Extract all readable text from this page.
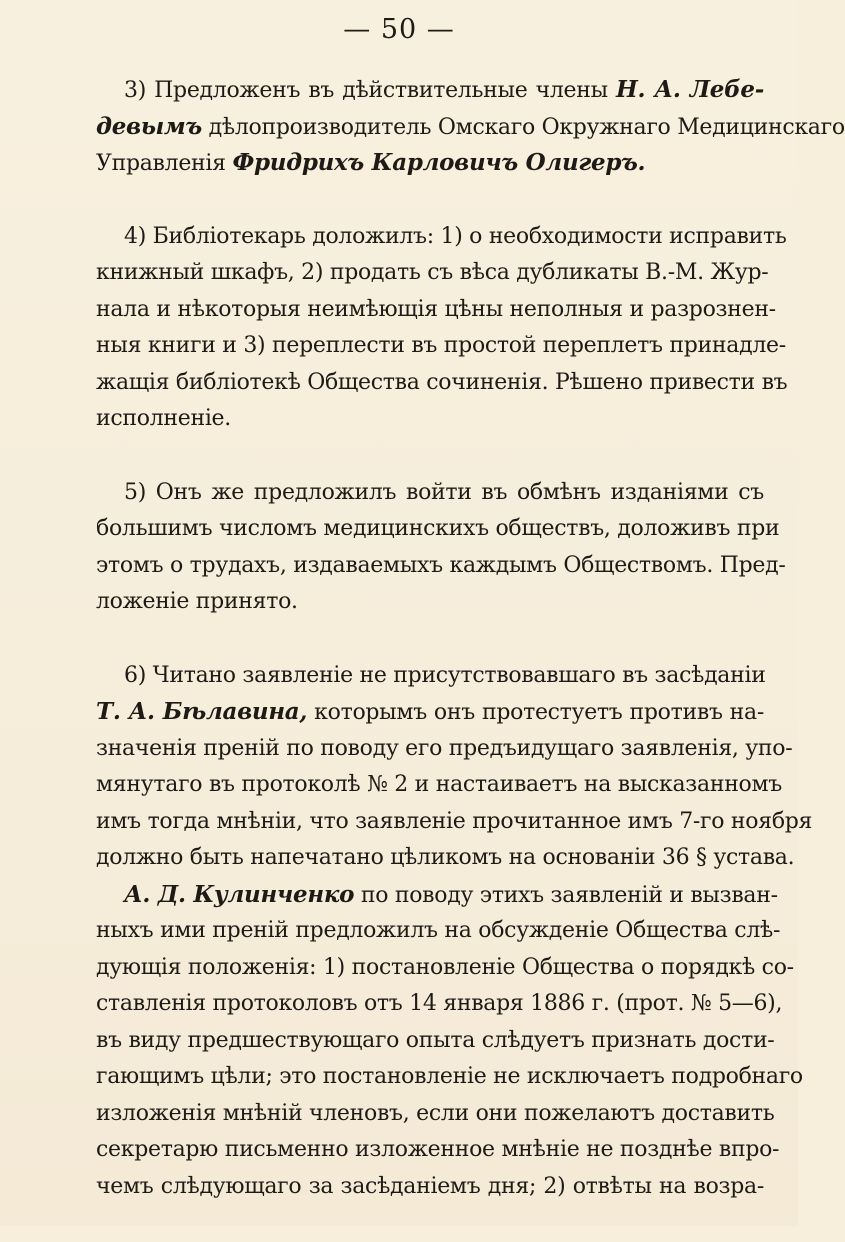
— 50 —
3) Предложенъ въ дѣйствительные члены Н. А. Лебе-
девымъ дѣлопроизводитель Омскаго Окружнаго Медицинскаго
Управленія Фридрихъ Карловичъ Олигеръ.
4) Библіотекарь доложилъ: 1) о необходимости исправить
книжный шкафъ, 2) продать съ вѣса дубликаты В.-М. Жур-
нала и нѣкоторыя неимѣющія цѣны неполныя и разрознен-
ныя книги и 3) переплести въ простой переплетъ принадле-
жащія библіотекѣ Общества сочиненія. Рѣшено привести въ
исполненіе.
5) Онъ же предложилъ войти въ обмѣнъ изданіями съ
большимъ числомъ медицинскихъ обществъ, доложивъ при
этомъ о трудахъ, издаваемыхъ каждымъ Обществомъ. Пред-
ложеніе принято.
6) Читано заявленіе не присутствовавшаго въ засѣданіи
Т. А. Бѣлавина, которымъ онъ протестуетъ противъ на-
значенія преній по поводу его предъидущаго заявленія, упо-
мянутаго въ протоколѣ № 2 и настаиваетъ на высказанномъ
имъ тогда мнѣніи, что заявленіе прочитанное имъ 7-го ноября
должно быть напечатано цѣликомъ на основаніи 36 § устава.
А. Д. Кулинченко по поводу этихъ заявленій и вызван-
ныхъ ими преній предложилъ на обсужденіе Общества слѣ-
дующія положенія: 1) постановленіе Общества о порядкѣ со-
ставленія протоколовъ отъ 14 января 1886 г. (прот. № 5—6),
въ виду предшествующаго опыта слѣдуетъ признать дости-
гающимъ цѣли; это постановленіе не исключаетъ подробнаго
изложенія мнѣній членовъ, если они пожелаютъ доставить
секретарю письменно изложенное мнѣніе не позднѣе впро-
чемъ слѣдующаго за засѣданіемъ дня; 2) отвѣты на возра-
